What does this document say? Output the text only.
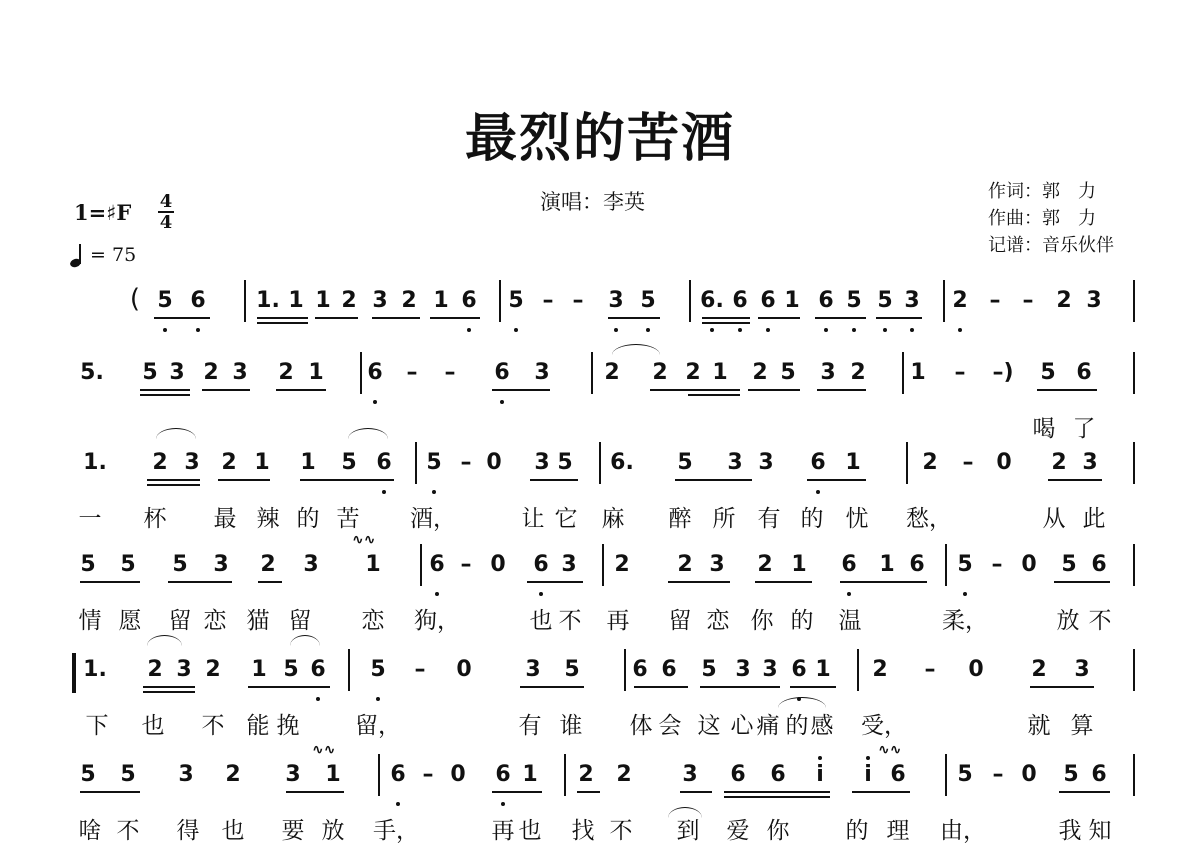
最烈的苦酒
演唱：李英	作词：郭　力
作曲：郭　力
记谱：音乐伙伴
1=♯F 4
4
= 75
( 5 6 1. 1 1 2 3 2 1 6 5 – – 3 5 6. 6 6 1 6 5 5 3 2 – – 2 3
5. 5 3 2 3 2 1 6 – – 6 3 2 2 2 1 2 5 3 2 1 – –) 5 6
喝 了
1. 2 3 2 1 1 5 6 5 – 0 3 5 6. 5 3 3 6 1	2 – 0 2 3
一 杯 最 辣 的 苦 酒，	让 它 麻 醉 所 有 的 忧 愁，	从 此
5 5 5 3 2 3 1 6 – 0 6 3 2 2 3 2 1 6 1 6 5 – 0 5 6
∿∿
情 愿 留 恋 猫 留 恋 狗，	也 不 再 留 恋 你 的 温	柔，	放 不
1. 2 3 2 1 5 6 5 – 0 3 5 6 6 5 3 3 6 1 2 – 0 2 3
下 也 不 能 挽 留，	有 谁 体 会 这 心 痛 的 感 受，	就 算
5 5 3 2 3 1 6 – 0 6 1 2 2 3 6 6 i i 6 5 – 0 5 6
∿∿	∿∿
啥 不 得 也 要 放 手，	再 也 找 不 到 爱 你 的 理 由，	我 知
